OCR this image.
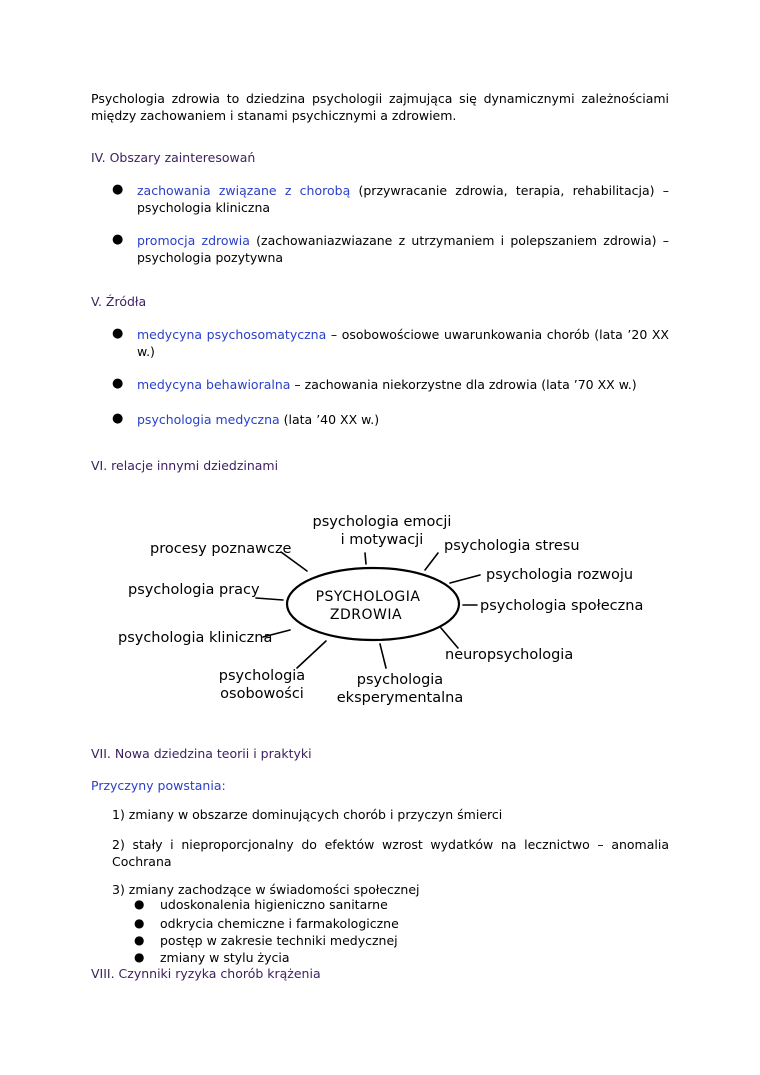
Psychologia zdrowia to dziedzina psychologii zajmująca się dynamicznymi zależnościami między zachowaniem i stanami psychicznymi a zdrowiem.
IV. Obszary zainteresowań
● zachowania związane z chorobą (przywracanie zdrowia, terapia, rehabilitacja) – psychologia kliniczna
● promocja zdrowia (zachowaniazwiazane z utrzymaniem i polepszaniem zdrowia) – psychologia pozytywna
V. Źródła
● medycyna psychosomatyczna – osobowościowe uwarunkowania chorób (lata ’20 XX w.)
● medycyna behawioralna – zachowania niekorzystne dla zdrowia (lata ’70 XX w.)
● psychologia medyczna (lata ’40 XX w.)
VI. relacje innymi dziedzinami
PSYCHOLOGIA
ZDROWIA
psychologia emocji
i motywacji
procesy poznawcze	psychologia stresu
psychologia rozwoju
psychologia pracy
psychologia społeczna
psychologia kliniczna
neuropsychologia
psychologia
osobowości
psychologia
eksperymentalna
VII. Nowa dziedzina teorii i praktyki
Przyczyny powstania:
1) zmiany w obszarze dominujących chorób i przyczyn śmierci
2) stały i nieproporcjonalny do efektów wzrost wydatków na lecznictwo – anomalia Cochrana
3) zmiany zachodzące w świadomości społecznej
● udoskonalenia higieniczno sanitarne
● odkrycia chemiczne i farmakologiczne
● postęp w zakresie techniki medycznej
● zmiany w stylu życia
VIII. Czynniki ryzyka chorób krążenia
